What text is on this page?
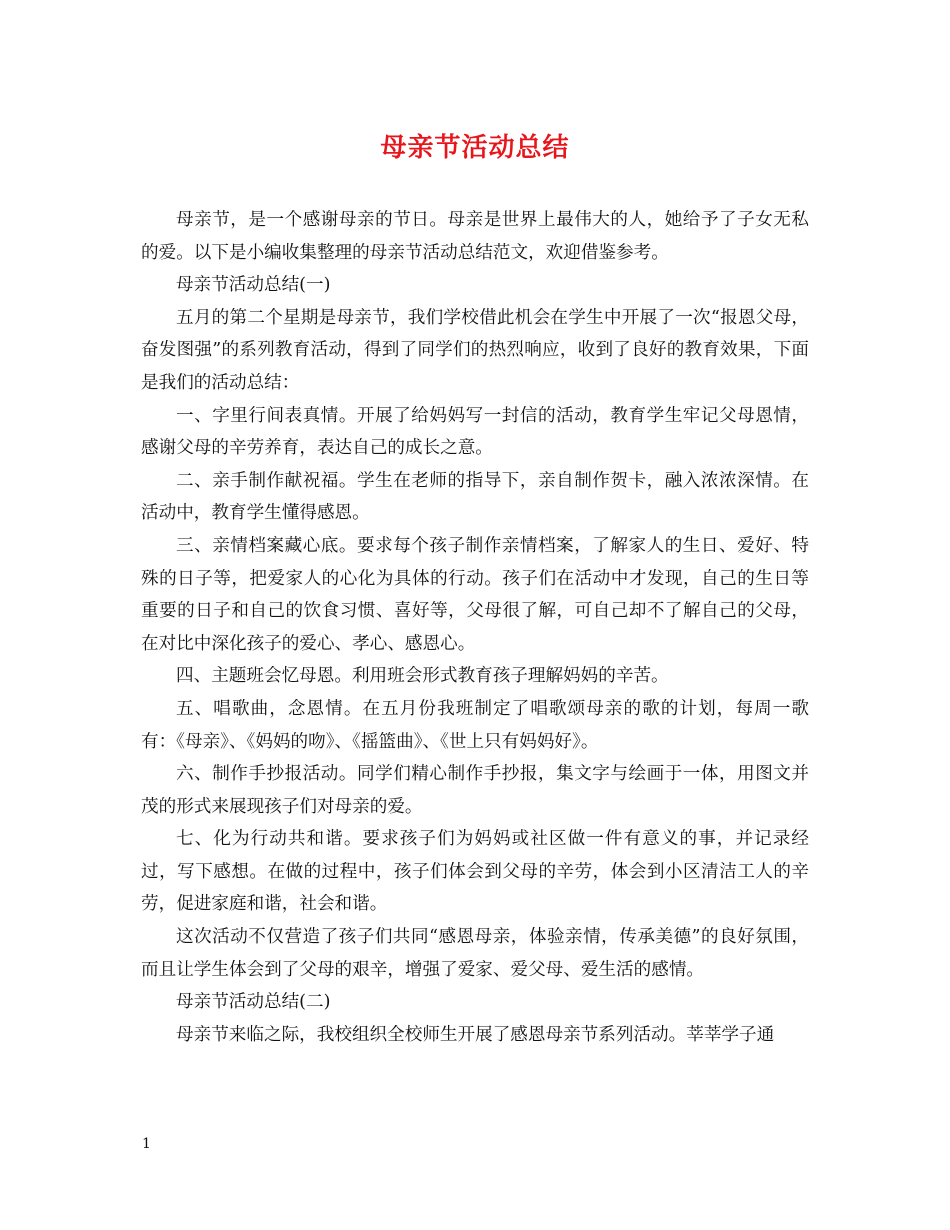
母亲节活动总结

母亲节，是一个感谢母亲的节日。母亲是世界上最伟大的人，她给予了子女无私的爱。以下是小编收集整理的母亲节活动总结范文，欢迎借鉴参考。

母亲节活动总结(一)

五月的第二个星期是母亲节，我们学校借此机会在学生中开展了一次“报恩父母，奋发图强”的系列教育活动，得到了同学们的热烈响应，收到了良好的教育效果，下面是我们的活动总结：

一、字里行间表真情。开展了给妈妈写一封信的活动，教育学生牢记父母恩情，感谢父母的辛劳养育，表达自己的成长之意。

二、亲手制作献祝福。学生在老师的指导下，亲自制作贺卡，融入浓浓深情。在活动中，教育学生懂得感恩。

三、亲情档案藏心底。要求每个孩子制作亲情档案，了解家人的生日、爱好、特殊的日子等，把爱家人的心化为具体的行动。孩子们在活动中才发现，自己的生日等重要的日子和自己的饮食习惯、喜好等，父母很了解，可自己却不了解自己的父母，在对比中深化孩子的爱心、孝心、感恩心。

四、主题班会忆母恩。利用班会形式教育孩子理解妈妈的辛苦。

五、唱歌曲，念恩情。在五月份我班制定了唱歌颂母亲的歌的计划，每周一歌有：《母亲》、《妈妈的吻》、《摇篮曲》、《世上只有妈妈好》。

六、制作手抄报活动。同学们精心制作手抄报，集文字与绘画于一体，用图文并茂的形式来展现孩子们对母亲的爱。

七、化为行动共和谐。要求孩子们为妈妈或社区做一件有意义的事，并记录经过，写下感想。在做的过程中，孩子们体会到父母的辛劳，体会到小区清洁工人的辛劳，促进家庭和谐，社会和谐。

这次活动不仅营造了孩子们共同“感恩母亲，体验亲情，传承美德”的良好氛围，而且让学生体会到了父母的艰辛，增强了爱家、爱父母、爱生活的感情。

母亲节活动总结(二)

母亲节来临之际，我校组织全校师生开展了感恩母亲节系列活动。莘莘学子通

1
